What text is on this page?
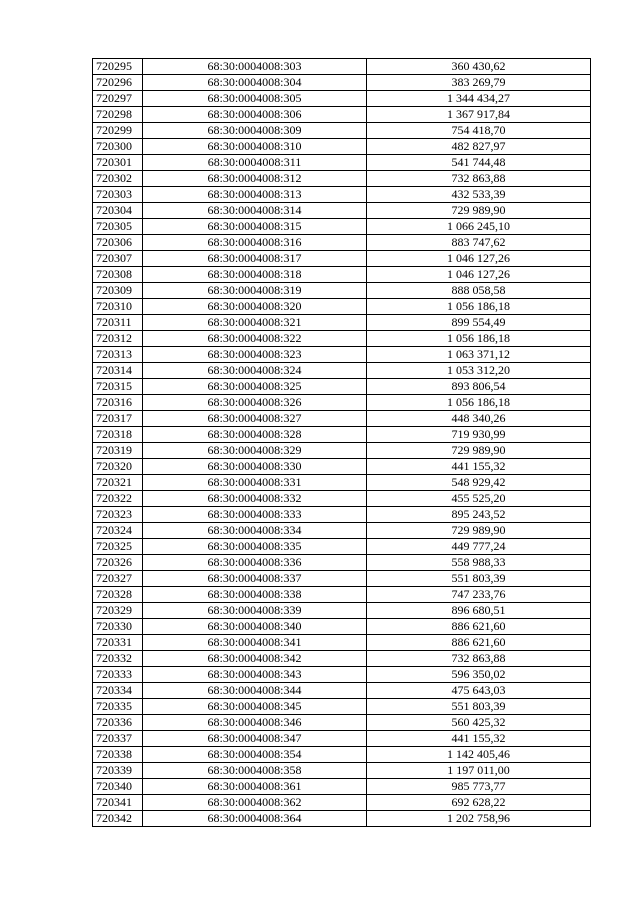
720295	68:30:0004008:303	360 430,62
720296	68:30:0004008:304	383 269,79
720297	68:30:0004008:305	1 344 434,27
720298	68:30:0004008:306	1 367 917,84
720299	68:30:0004008:309	754 418,70
720300	68:30:0004008:310	482 827,97
720301	68:30:0004008:311	541 744,48
720302	68:30:0004008:312	732 863,88
720303	68:30:0004008:313	432 533,39
720304	68:30:0004008:314	729 989,90
720305	68:30:0004008:315	1 066 245,10
720306	68:30:0004008:316	883 747,62
720307	68:30:0004008:317	1 046 127,26
720308	68:30:0004008:318	1 046 127,26
720309	68:30:0004008:319	888 058,58
720310	68:30:0004008:320	1 056 186,18
720311	68:30:0004008:321	899 554,49
720312	68:30:0004008:322	1 056 186,18
720313	68:30:0004008:323	1 063 371,12
720314	68:30:0004008:324	1 053 312,20
720315	68:30:0004008:325	893 806,54
720316	68:30:0004008:326	1 056 186,18
720317	68:30:0004008:327	448 340,26
720318	68:30:0004008:328	719 930,99
720319	68:30:0004008:329	729 989,90
720320	68:30:0004008:330	441 155,32
720321	68:30:0004008:331	548 929,42
720322	68:30:0004008:332	455 525,20
720323	68:30:0004008:333	895 243,52
720324	68:30:0004008:334	729 989,90
720325	68:30:0004008:335	449 777,24
720326	68:30:0004008:336	558 988,33
720327	68:30:0004008:337	551 803,39
720328	68:30:0004008:338	747 233,76
720329	68:30:0004008:339	896 680,51
720330	68:30:0004008:340	886 621,60
720331	68:30:0004008:341	886 621,60
720332	68:30:0004008:342	732 863,88
720333	68:30:0004008:343	596 350,02
720334	68:30:0004008:344	475 643,03
720335	68:30:0004008:345	551 803,39
720336	68:30:0004008:346	560 425,32
720337	68:30:0004008:347	441 155,32
720338	68:30:0004008:354	1 142 405,46
720339	68:30:0004008:358	1 197 011,00
720340	68:30:0004008:361	985 773,77
720341	68:30:0004008:362	692 628,22
720342	68:30:0004008:364	1 202 758,96
